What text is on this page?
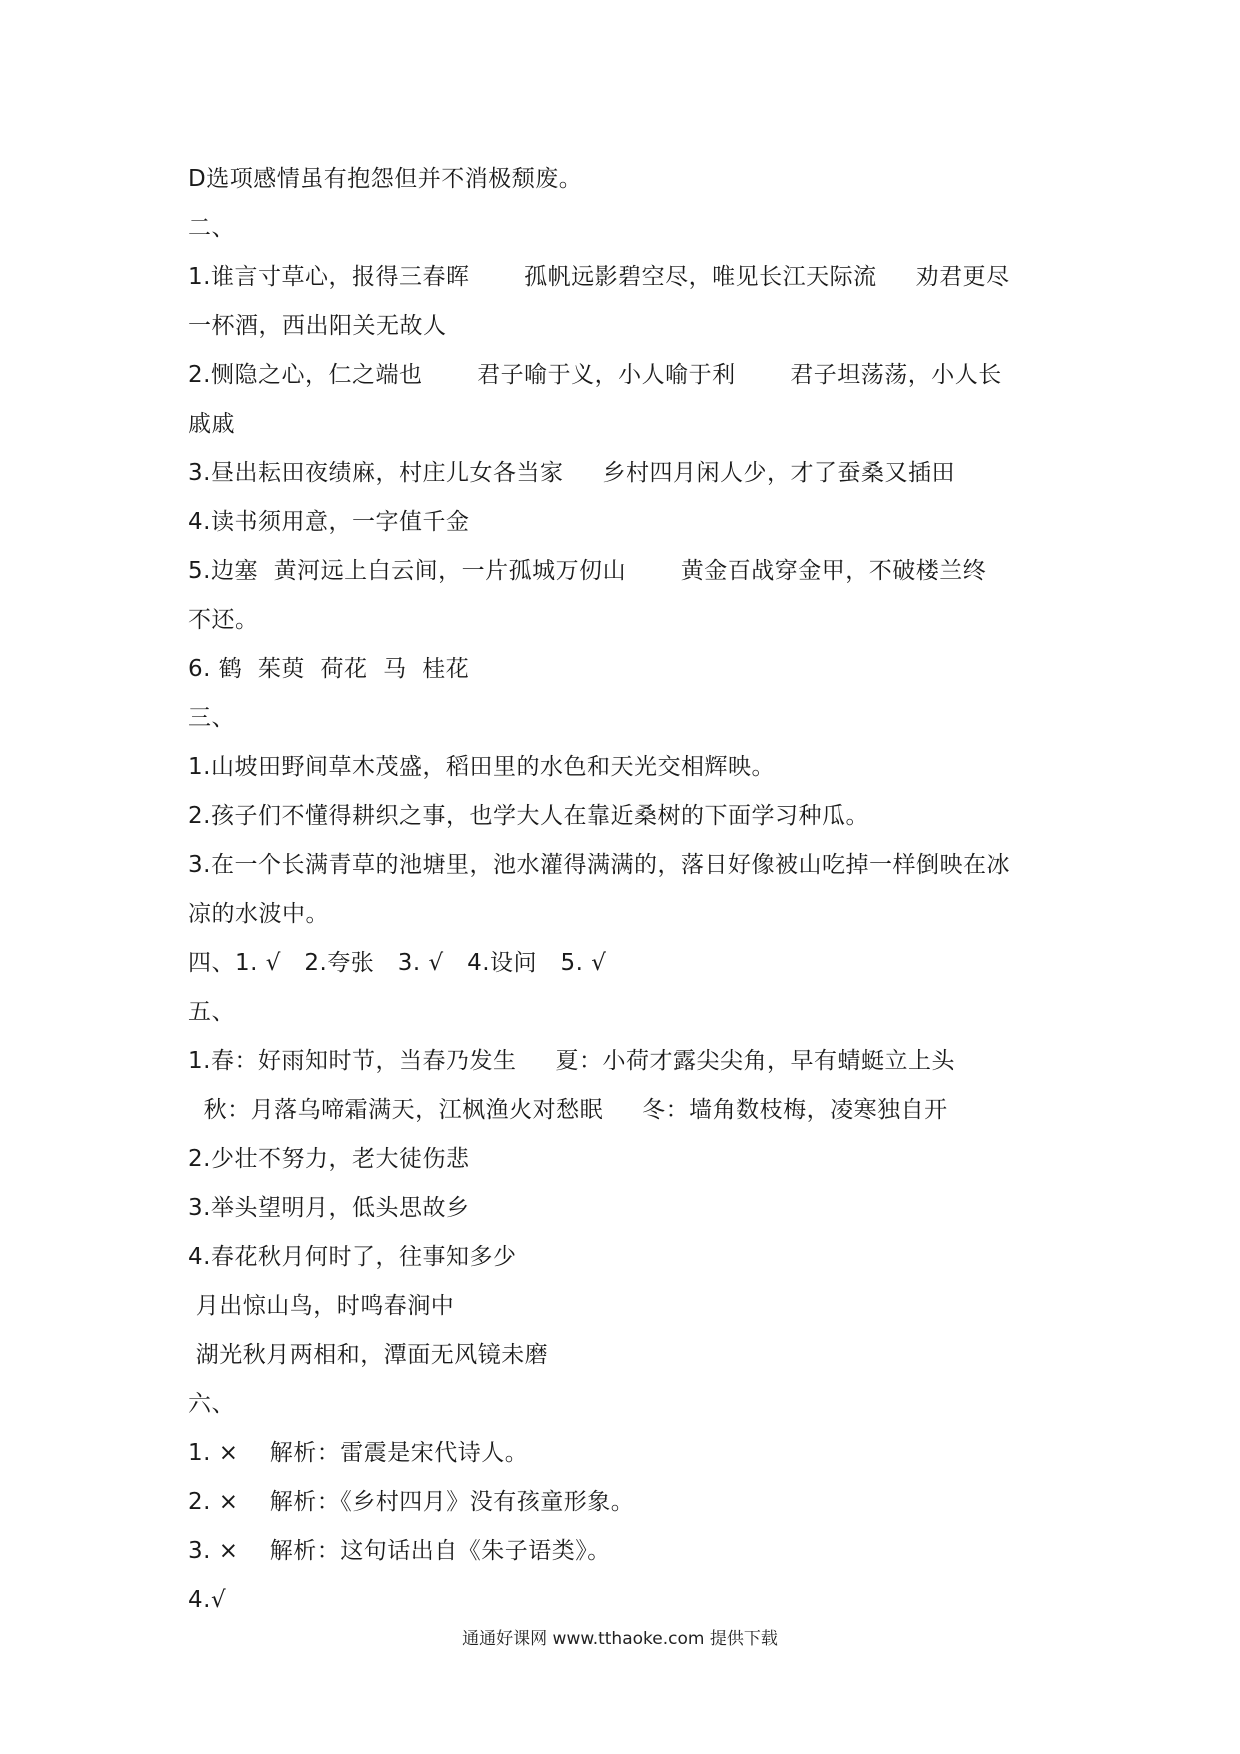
D选项感情虽有抱怨但并不消极颓废。
二、
1.谁言寸草心，报得三春晖       孤帆远影碧空尽，唯见长江天际流     劝君更尽
一杯酒，西出阳关无故人
2.恻隐之心，仁之端也       君子喻于义，小人喻于利       君子坦荡荡，小人长
戚戚
3.昼出耘田夜绩麻，村庄儿女各当家     乡村四月闲人少，才了蚕桑又插田
4.读书须用意，一字值千金
5.边塞  黄河远上白云间，一片孤城万仞山       黄金百战穿金甲，不破楼兰终
不还。
6. 鹤  茱萸  荷花  马  桂花
三、
1.山坡田野间草木茂盛，稻田里的水色和天光交相辉映。
2.孩子们不懂得耕织之事，也学大人在靠近桑树的下面学习种瓜。
3.在一个长满青草的池塘里，池水灌得满满的，落日好像被山吃掉一样倒映在冰
凉的水波中。
四、1. √   2.夸张   3. √   4.设问   5. √
五、
1.春：好雨知时节，当春乃发生     夏：小荷才露尖尖角，早有蜻蜓立上头
秋：月落乌啼霜满天，江枫渔火对愁眠     冬：墙角数枝梅，凌寒独自开
2.少壮不努力，老大徒伤悲
3.举头望明月，低头思故乡
4.春花秋月何时了，往事知多少
月出惊山鸟，时鸣春涧中
湖光秋月两相和，潭面无风镜未磨
六、
1. ×    解析：雷震是宋代诗人。
2. ×    解析：《乡村四月》没有孩童形象。
3. ×    解析：这句话出自《朱子语类》。
4.√
通通好课网 www.tthaoke.com 提供下载
